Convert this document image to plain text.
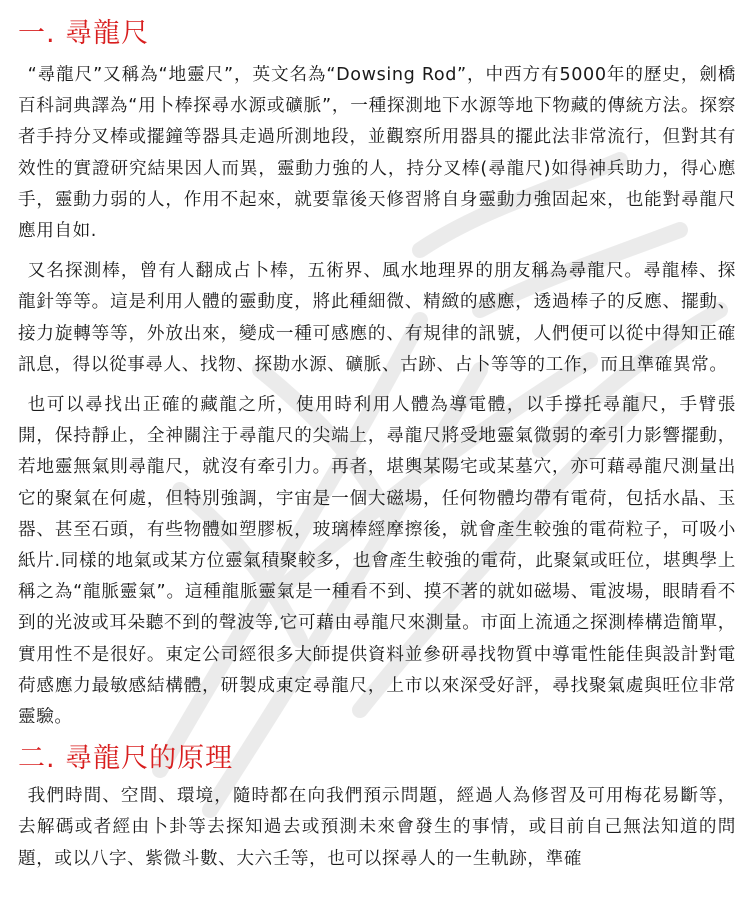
一. 尋龍尺

“尋龍尺”又稱為“地靈尺”，英文名為“Dowsing Rod”，中西方有5000年的歷史，劍橋百科詞典譯為“用卜棒探尋水源或礦脈”，一種探測地下水源等地下物藏的傳統方法。探察者手持分叉棒或擺鐘等器具走過所測地段，並觀察所用器具的擺此法非常流行，但對其有效性的實證研究結果因人而異，靈動力強的人，持分叉棒(尋龍尺)如得神兵助力，得心應手，靈動力弱的人，作用不起來，就要靠後天修習將自身靈動力強固起來，也能對尋龍尺應用自如.

又名探測棒，曾有人翻成占卜棒，五術界、風水地理界的朋友稱為尋龍尺。尋龍棒、探龍針等等。這是利用人體的靈動度，將此種細微、精緻的感應，透過棒子的反應、擺動、接力旋轉等等，外放出來，變成一種可感應的、有規律的訊號，人們便可以從中得知正確訊息，得以從事尋人、找物、探勘水源、礦脈、古跡、占卜等等的工作，而且準確異常。

也可以尋找出正確的藏龍之所，使用時利用人體為導電體，以手撐托尋龍尺，手臂張開，保持靜止，全神關注于尋龍尺的尖端上，尋龍尺將受地靈氣微弱的牽引力影響擺動，若地靈無氣則尋龍尺，就沒有牽引力。再者，堪輿某陽宅或某墓穴，亦可藉尋龍尺測量出它的聚氣在何處，但特別強調，宇宙是一個大磁場，任何物體均帶有電荷，包括水晶、玉器、甚至石頭，有些物體如塑膠板，玻璃棒經摩擦後，就會產生較強的電荷粒子，可吸小紙片.同樣的地氣或某方位靈氣積聚較多，也會產生較強的電荷，此聚氣或旺位，堪輿學上稱之為“龍脈靈氣”。這種龍脈靈氣是一種看不到、摸不著的就如磁場、電波場，眼睛看不到的光波或耳朵聽不到的聲波等,它可藉由尋龍尺來測量。市面上流通之探測棒構造簡單，實用性不是很好。東定公司經很多大師提供資料並參研尋找物質中導電性能佳與設計對電荷感應力最敏感結構體，研製成東定尋龍尺，上市以來深受好評，尋找聚氣處與旺位非常靈驗。

二. 尋龍尺的原理

我們時間、空間、環境，隨時都在向我們預示問題，經過人為修習及可用梅花易斷等，去解碼或者經由卜卦等去探知過去或預測未來會發生的事情，或目前自己無法知道的問題，或以八字、紫微斗數、大六壬等，也可以探尋人的一生軌跡，準確
